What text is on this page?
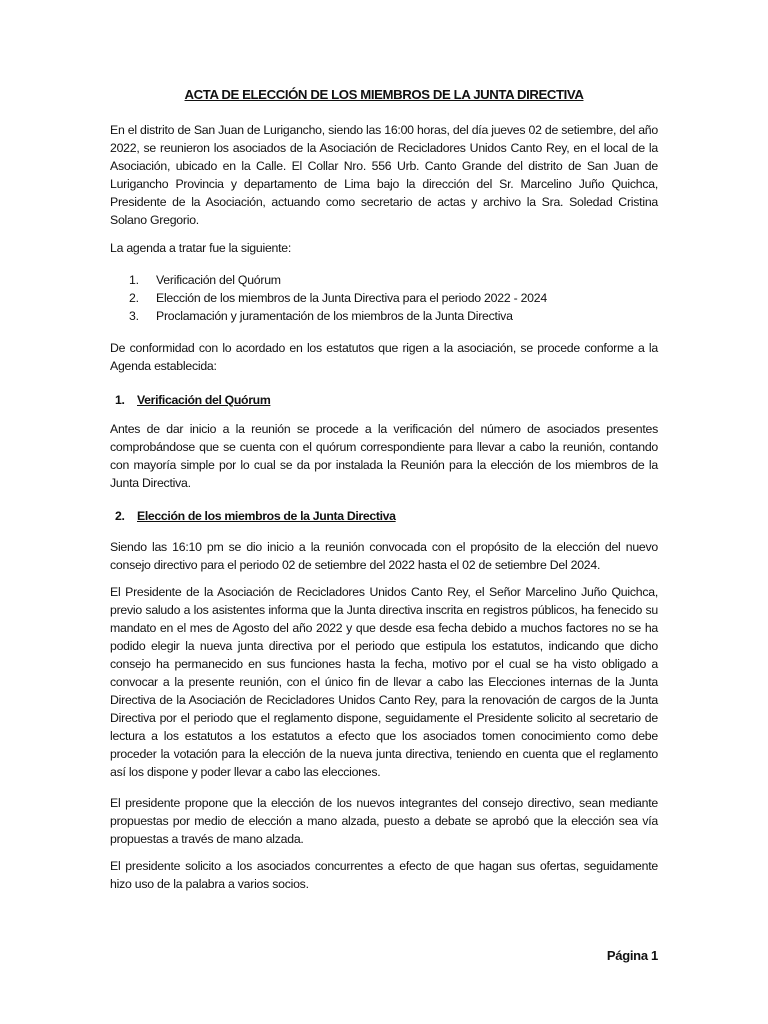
ACTA DE ELECCIÓN DE LOS MIEMBROS DE LA JUNTA DIRECTIVA

En el distrito de San Juan de Lurigancho, siendo las 16:00 horas, del día jueves 02 de setiembre, del año 2022, se reunieron los asociados de la Asociación de Recicladores Unidos Canto Rey, en el local de la Asociación, ubicado en la Calle. El Collar Nro. 556 Urb. Canto Grande del distrito de San Juan de Lurigancho Provincia y departamento de Lima bajo la dirección del Sr. Marcelino Juño Quichca, Presidente de la Asociación, actuando como secretario de actas y archivo la Sra. Soledad Cristina Solano Gregorio.

La agenda a tratar fue la siguiente:

1.	Verificación del Quórum
2.	Elección de los miembros de la Junta Directiva para el periodo 2022 - 2024
3.	Proclamación y juramentación de los miembros de la Junta Directiva

De conformidad con lo acordado en los estatutos que rigen a la asociación, se procede conforme a la Agenda establecida:

1. Verificación del Quórum

Antes de dar inicio a la reunión se procede a la verificación del número de asociados presentes comprobándose que se cuenta con el quórum correspondiente para llevar a cabo la reunión, contando con mayoría simple por lo cual se da por instalada la Reunión para la elección de los miembros de la Junta Directiva.

2. Elección de los miembros de la Junta Directiva

Siendo las 16:10 pm se dio inicio a la reunión convocada con el propósito de la elección del nuevo consejo directivo para el periodo 02 de setiembre del 2022 hasta el 02 de setiembre Del 2024.

El Presidente de la Asociación de Recicladores Unidos Canto Rey, el Señor Marcelino Juño Quichca, previo saludo a los asistentes informa que la Junta directiva inscrita en registros públicos, ha fenecido su mandato en el mes de Agosto del año 2022 y que desde esa fecha debido a muchos factores no se ha podido elegir la nueva junta directiva por el periodo que estipula los estatutos, indicando que dicho consejo ha permanecido en sus funciones hasta la fecha, motivo por el cual se ha visto obligado a convocar a la presente reunión, con el único fin de llevar a cabo las Elecciones internas de la Junta Directiva de la Asociación de Recicladores Unidos Canto Rey, para la renovación de cargos de la Junta Directiva por el periodo que el reglamento dispone, seguidamente el Presidente solicito al secretario de lectura a los estatutos a los estatutos a efecto que los asociados tomen conocimiento como debe proceder la votación para la elección de la nueva junta directiva, teniendo en cuenta que el reglamento así los dispone y poder llevar a cabo las elecciones.

El presidente propone que la elección de los nuevos integrantes del consejo directivo, sean mediante propuestas por medio de elección a mano alzada, puesto a debate se aprobó que la elección sea vía propuestas a través de mano alzada.

El presidente solicito a los asociados concurrentes a efecto de que hagan sus ofertas, seguidamente hizo uso de la palabra a varios socios.

Página 1
